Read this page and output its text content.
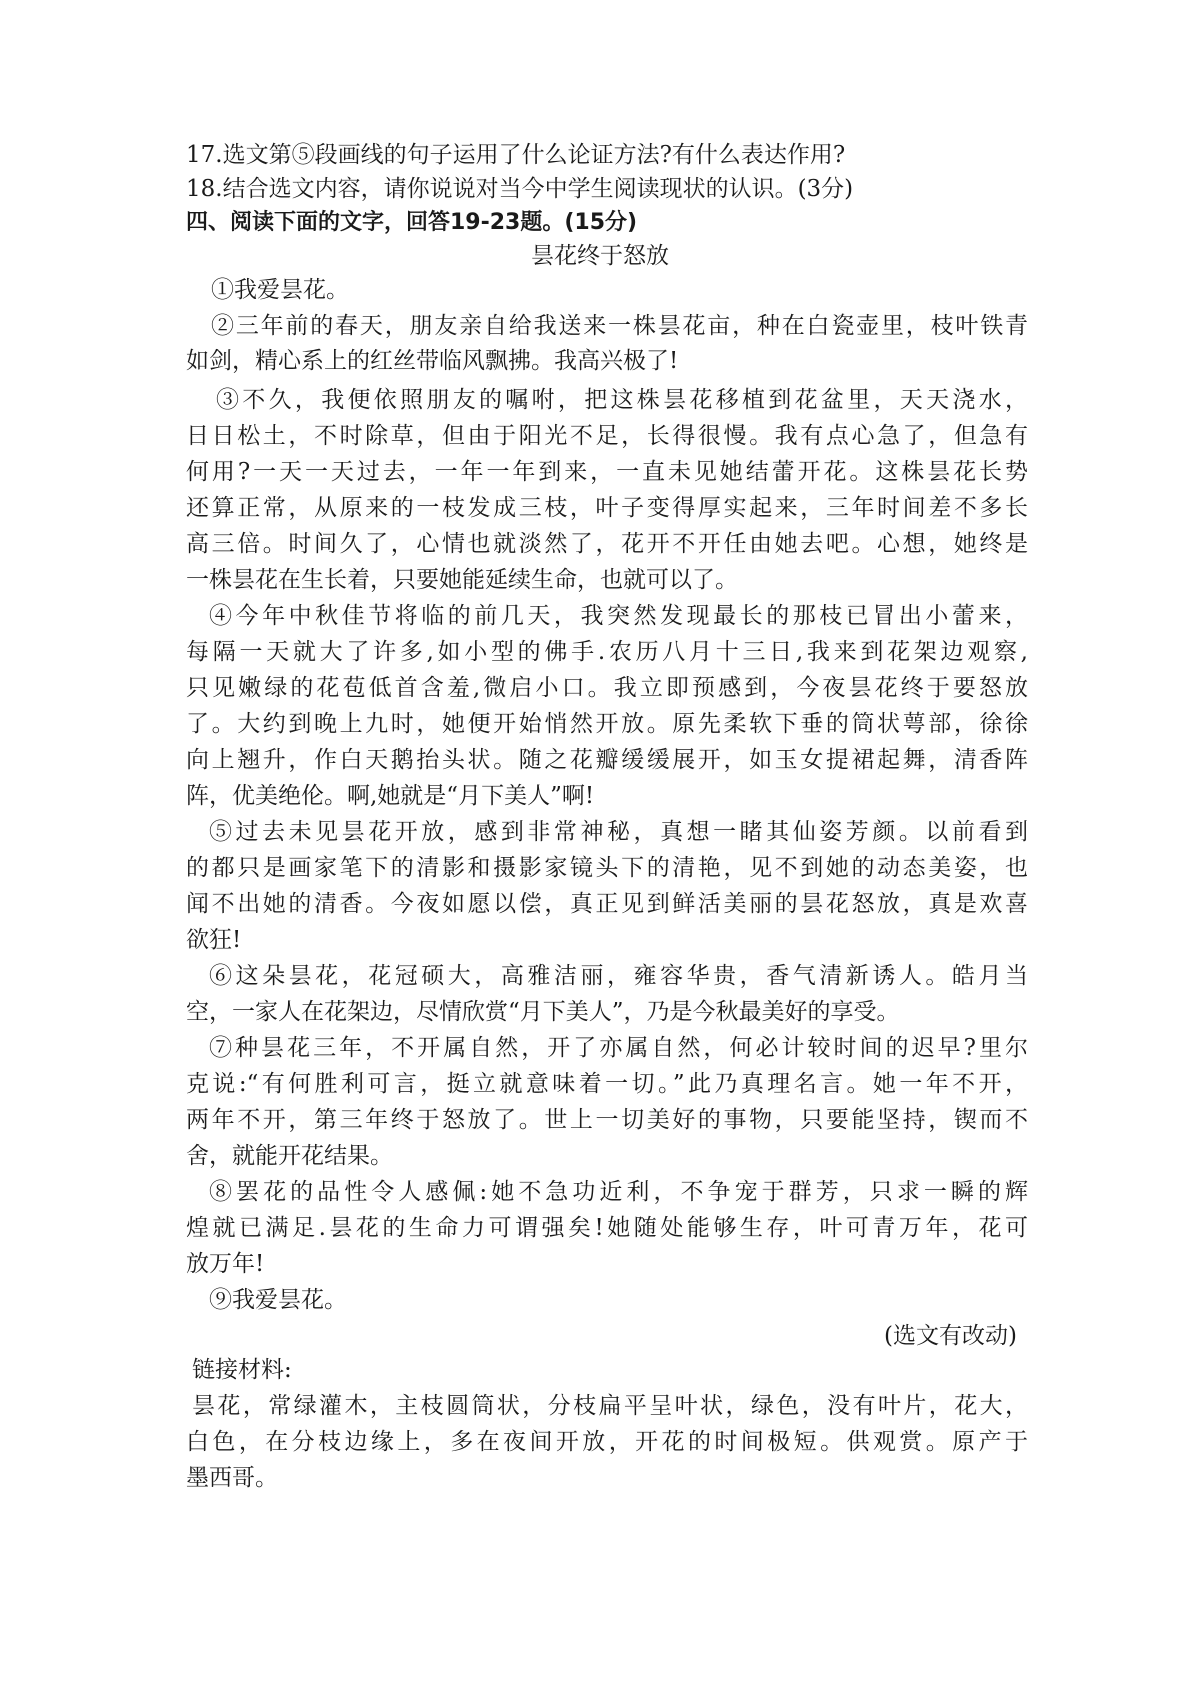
17.选文第⑤段画线的句子运用了什么论证方法?有什么表达作用?
18.结合选文内容，请你说说对当今中学生阅读现状的认识。(3分)
四、阅读下面的文字，回答19-23题。(15分)
昙花终于怒放
①我爱昙花。
②三年前的春天，朋友亲自给我送来一株昙花亩，种在白瓷壶里，枝叶铁青
如剑，精心系上的红丝带临风飘拂。我高兴极了!
③不久，我便依照朋友的嘱咐，把这株昙花移植到花盆里，天天浇水，
日日松土，不时除草，但由于阳光不足，长得很慢。我有点心急了，但急有
何用?一天一天过去，一年一年到来，一直未见她结蕾开花。这株昙花长势
还算正常，从原来的一枝发成三枝，叶子变得厚实起来，三年时间差不多长
高三倍。时间久了，心情也就淡然了，花开不开任由她去吧。心想，她终是
一株昙花在生长着，只要她能延续生命，也就可以了。
④今年中秋佳节将临的前几天，我突然发现最长的那枝已冒出小蕾来，
每隔一天就大了许多,如小型的佛手.农历八月十三日,我来到花架边观察,
只见嫩绿的花苞低首含羞,微启小口。我立即预感到，今夜昙花终于要怒放
了。大约到晚上九时，她便开始悄然开放。原先柔软下垂的筒状萼部，徐徐
向上翘升，作白天鹅抬头状。随之花瓣缓缓展开，如玉女提裙起舞，清香阵
阵，优美绝伦。啊,她就是“月下美人”啊!
⑤过去未见昙花开放，感到非常神秘，真想一睹其仙姿芳颜。以前看到
的都只是画家笔下的清影和摄影家镜头下的清艳，见不到她的动态美姿，也
闻不出她的清香。今夜如愿以偿，真正见到鲜活美丽的昙花怒放，真是欢喜
欲狂!
⑥这朵昙花，花冠硕大，高雅洁丽，雍容华贵，香气清新诱人。皓月当
空，一家人在花架边，尽情欣赏“月下美人”，乃是今秋最美好的享受。
⑦种昙花三年，不开属自然，开了亦属自然，何必计较时间的迟早?里尔
克说:“有何胜利可言，挺立就意味着一切。”此乃真理名言。她一年不开，
两年不开，第三年终于怒放了。世上一切美好的事物，只要能坚持，锲而不
舍，就能开花结果。
⑧罢花的品性令人感佩:她不急功近利，不争宠于群芳，只求一瞬的辉
煌就已满足.昙花的生命力可谓强矣!她随处能够生存，叶可青万年，花可
放万年!
⑨我爱昙花。
(选文有改动)
链接材料:
昙花，常绿灌木，主枝圆筒状，分枝扁平呈叶状，绿色，没有叶片，花大，
白色，在分枝边缘上，多在夜间开放，开花的时间极短。供观赏。原产于
墨西哥。
